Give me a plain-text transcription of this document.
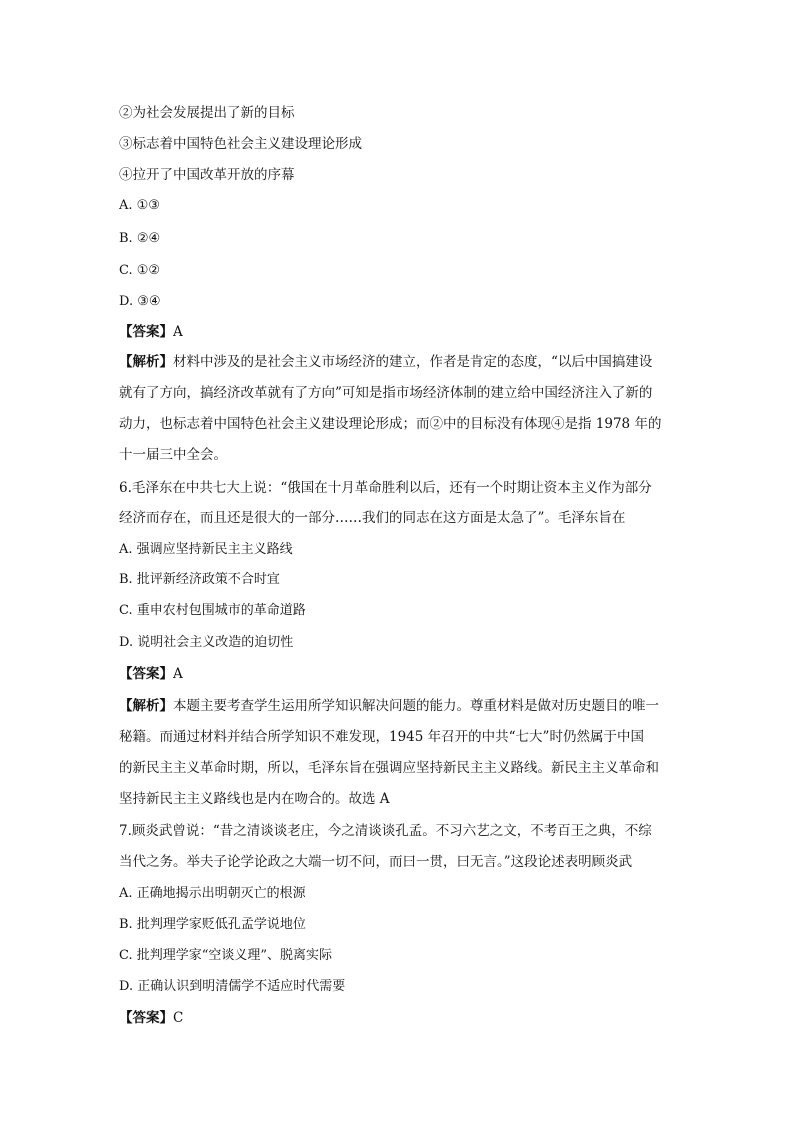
②为社会发展提出了新的目标
③标志着中国特色社会主义建设理论形成
④拉开了中国改革开放的序幕
A. ①③
B. ②④
C. ①②
D. ③④
【答案】A
【解析】材料中涉及的是社会主义市场经济的建立，作者是肯定的态度，“以后中国搞建设
就有了方向，搞经济改革就有了方向”可知是指市场经济体制的建立给中国经济注入了新的
动力，也标志着中国特色社会主义建设理论形成；而②中的目标没有体现④是指 1978 年的
十一届三中全会。
6.毛泽东在中共七大上说：“俄国在十月革命胜利以后，还有一个时期让资本主义作为部分
经济而存在，而且还是很大的一部分……我们的同志在这方面是太急了”。毛泽东旨在
A. 强调应坚持新民主主义路线
B. 批评新经济政策不合时宜
C. 重申农村包围城市的革命道路
D. 说明社会主义改造的迫切性
【答案】A
【解析】本题主要考查学生运用所学知识解决问题的能力。尊重材料是做对历史题目的唯一
秘籍。而通过材料并结合所学知识不难发现，1945 年召开的中共“七大”时仍然属于中国
的新民主主义革命时期，所以，毛泽东旨在强调应坚持新民主主义路线。新民主主义革命和
坚持新民主主义路线也是内在吻合的。故选 A
7.顾炎武曾说：“昔之清谈谈老庄，今之清谈谈孔孟。不习六艺之文，不考百王之典，不综
当代之务。举夫子论学论政之大端一切不问，而曰一贯，曰无言。”这段论述表明顾炎武
A. 正确地揭示出明朝灭亡的根源
B. 批判理学家贬低孔孟学说地位
C. 批判理学家“空谈义理”、脱离实际
D. 正确认识到明清儒学不适应时代需要
【答案】C
